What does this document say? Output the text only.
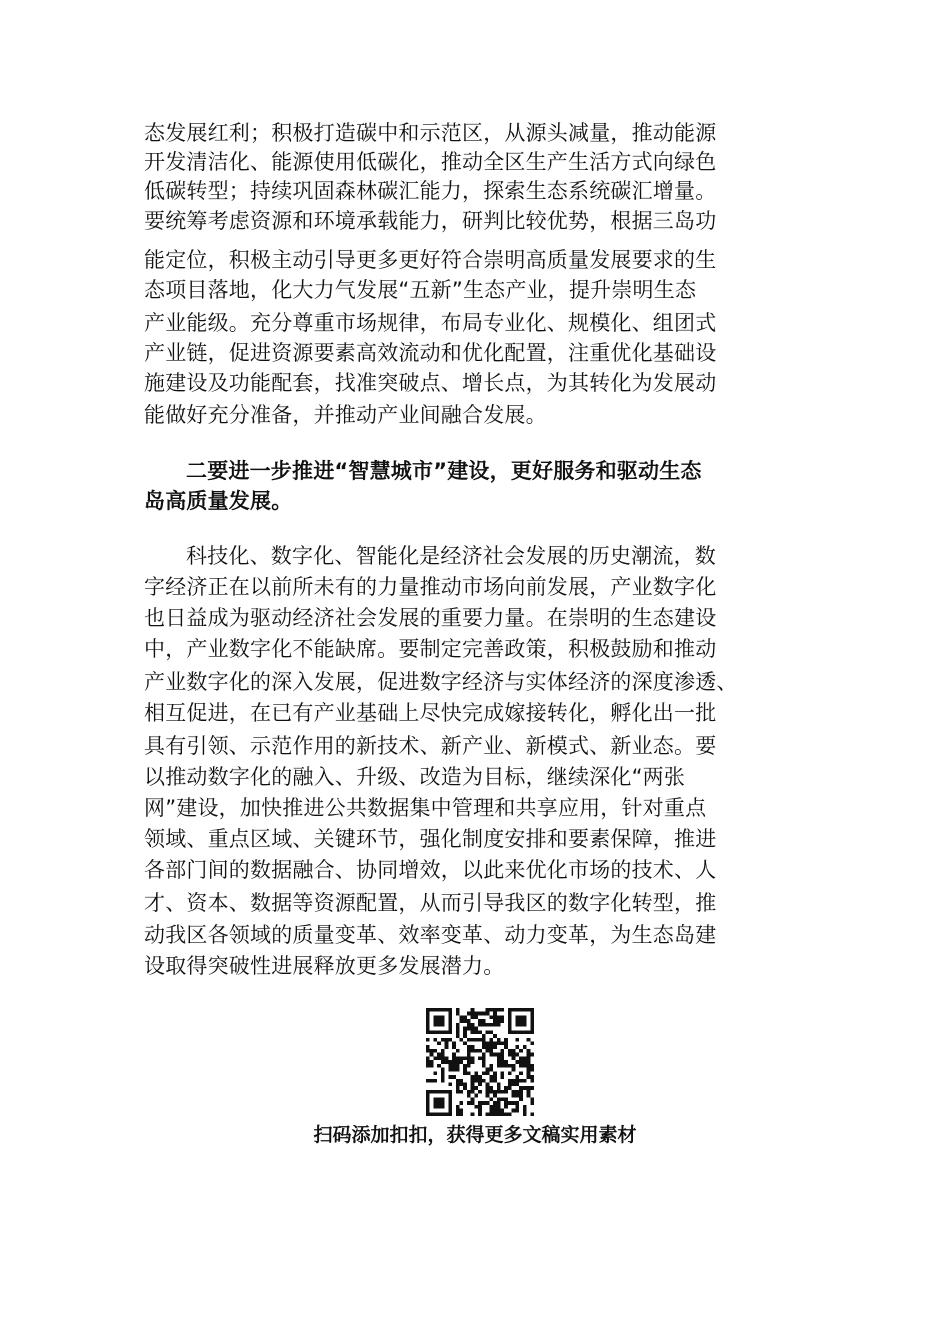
态发展红利；积极打造碳中和示范区，从源头减量，推动能源
开发清洁化、能源使用低碳化，推动全区生产生活方式向绿色
低碳转型；持续巩固森林碳汇能力，探索生态系统碳汇增量。
要统筹考虑资源和环境承载能力，研判比较优势，根据三岛功
能定位，积极主动引导更多更好符合崇明高质量发展要求的生
态项目落地，化大力气发展“五新”生态产业，提升崇明生态
产业能级。充分尊重市场规律，布局专业化、规模化、组团式
产业链，促进资源要素高效流动和优化配置，注重优化基础设
施建设及功能配套，找准突破点、增长点，为其转化为发展动
能做好充分准备，并推动产业间融合发展。
二要进一步推进“智慧城市”建设，更好服务和驱动生态
岛高质量发展。
科技化、数字化、智能化是经济社会发展的历史潮流，数
字经济正在以前所未有的力量推动市场向前发展，产业数字化
也日益成为驱动经济社会发展的重要力量。在崇明的生态建设
中，产业数字化不能缺席。要制定完善政策，积极鼓励和推动
产业数字化的深入发展，促进数字经济与实体经济的深度渗透、
相互促进，在已有产业基础上尽快完成嫁接转化，孵化出一批
具有引领、示范作用的新技术、新产业、新模式、新业态。要
以推动数字化的融入、升级、改造为目标，继续深化“两张
网”建设，加快推进公共数据集中管理和共享应用，针对重点
领域、重点区域、关键环节，强化制度安排和要素保障，推进
各部门间的数据融合、协同增效，以此来优化市场的技术、人
才、资本、数据等资源配置，从而引导我区的数字化转型，推
动我区各领域的质量变革、效率变革、动力变革，为生态岛建
设取得突破性进展释放更多发展潜力。
扫码添加扣扣，获得更多文稿实用素材
